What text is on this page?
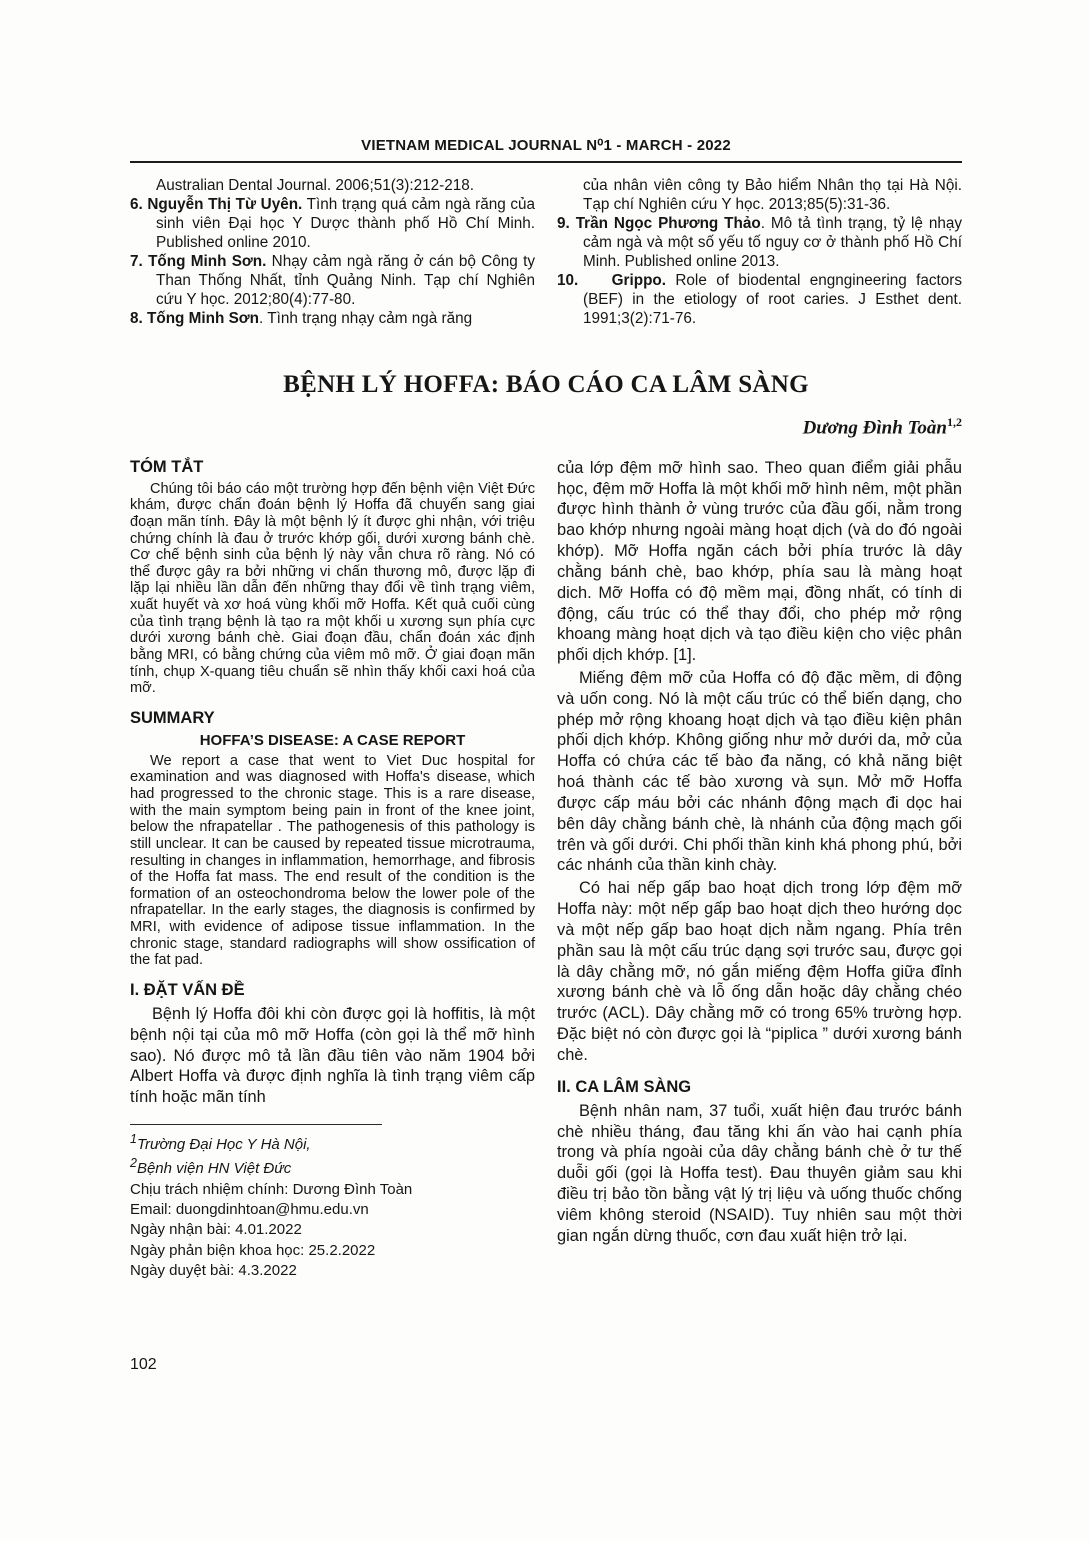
VIETNAM MEDICAL JOURNAL N⁰1 - MARCH - 2022

Australian Dental Journal. 2006;51(3):212-218.

6. Nguyễn Thị Từ Uyên. Tình trạng quá cảm ngà răng của sinh viên Đại học Y Dược thành phố Hồ Chí Minh. Published online 2010.

7. Tống Minh Sơn. Nhạy cảm ngà răng ở cán bộ Công ty Than Thống Nhất, tỉnh Quảng Ninh. Tạp chí Nghiên cứu Y học. 2012;80(4):77-80.

8. Tống Minh Sơn. Tình trạng nhạy cảm ngà răng

của nhân viên công ty Bảo hiểm Nhân thọ tại Hà Nội. Tạp chí Nghiên cứu Y học. 2013;85(5):31-36.

9. Trần Ngọc Phương Thảo. Mô tả tình trạng, tỷ lệ nhạy cảm ngà và một số yếu tố nguy cơ ở thành phố Hồ Chí Minh. Published online 2013.

10. Grippo. Role of biodental engngineering factors (BEF) in the etiology of root caries. J Esthet dent. 1991;3(2):71-76.

BỆNH LÝ HOFFA: BÁO CÁO CA LÂM SÀNG
Dương Đình Toàn$^{1,2}$
TÓM TẮT

Chúng tôi báo cáo một trường hợp đến bệnh viện Việt Đức khám, được chẩn đoán bệnh lý Hoffa đã chuyển sang giai đoạn mãn tính. Đây là một bệnh lý ít được ghi nhận, với triệu chứng chính là đau ở trước khớp gối, dưới xương bánh chè. Cơ chế bệnh sinh của bệnh lý này vẫn chưa rõ ràng. Nó có thể được gây ra bởi những vi chấn thương mô, được lặp đi lặp lại nhiều lần dẫn đến những thay đổi về tình trạng viêm, xuất huyết và xơ hoá vùng khối mỡ Hoffa. Kết quả cuối cùng của tình trạng bệnh là tạo ra một khối u xương sụn phía cực dưới xương bánh chè. Giai đoạn đầu, chẩn đoán xác định bằng MRI, có bằng chứng của viêm mô mỡ. Ở giai đoạn mãn tính, chụp X-quang tiêu chuẩn sẽ nhìn thấy khối caxi hoá của mỡ.

SUMMARY
HOFFA’S DISEASE: A CASE REPORT

We report a case that went to Viet Duc hospital for examination and was diagnosed with Hoffa's disease, which had progressed to the chronic stage. This is a rare disease, with the main symptom being pain in front of the knee joint, below the nfrapatellar . The pathogenesis of this pathology is still unclear. It can be caused by repeated tissue microtrauma, resulting in changes in inflammation, hemorrhage, and fibrosis of the Hoffa fat mass. The end result of the condition is the formation of an osteochondroma below the lower pole of the nfrapatellar. In the early stages, the diagnosis is confirmed by MRI, with evidence of adipose tissue inflammation. In the chronic stage, standard radiographs will show ossification of the fat pad.

I. ĐẶT VẤN ĐỀ

Bệnh lý Hoffa đôi khi còn được gọi là hoffitis, là một bệnh nội tại của mô mỡ Hoffa (còn gọi là thể mỡ hình sao). Nó được mô tả lần đầu tiên vào năm 1904 bởi Albert Hoffa và được định nghĩa là tình trạng viêm cấp tính hoặc mãn tính

$^1$Trường Đại Học Y Hà Nội,
$^2$Bệnh viện HN Việt Đức
Chịu trách nhiệm chính: Dương Đình Toàn
Email: duongdinhtoan@hmu.edu.vn
Ngày nhận bài: 4.01.2022
Ngày phản biện khoa học: 25.2.2022
Ngày duyệt bài: 4.3.2022

của lớp đệm mỡ hình sao. Theo quan điểm giải phẫu học, đệm mỡ Hoffa là một khối mỡ hình nêm, một phần được hình thành ở vùng trước của đầu gối, nằm trong bao khớp nhưng ngoài màng hoạt dịch (và do đó ngoài khớp). Mỡ Hoffa ngăn cách bởi phía trước là dây chằng bánh chè, bao khớp, phía sau là màng hoạt dich. Mỡ Hoffa có độ mềm mại, đồng nhất, có tính di động, cấu trúc có thể thay đổi, cho phép mở rộng khoang màng hoạt dịch và tạo điều kiện cho việc phân phối dịch khớp. [1].

Miếng đệm mỡ của Hoffa có độ đặc mềm, di động và uốn cong. Nó là một cấu trúc có thể biến dạng, cho phép mở rộng khoang hoạt dịch và tạo điều kiện phân phối dịch khớp. Không giống như mở dưới da, mở của Hoffa có chứa các tế bào đa năng, có khả năng biệt hoá thành các tế bào xương và sụn. Mở mỡ Hoffa được cấp máu bởi các nhánh động mạch đi dọc hai bên dây chằng bánh chè, là nhánh của động mạch gối trên và gối dưới. Chi phối thần kinh khá phong phú, bởi các nhánh của thần kinh chày.

Có hai nếp gấp bao hoạt dịch trong lớp đệm mỡ Hoffa này: một nếp gấp bao hoạt dịch theo hướng dọc và một nếp gấp bao hoạt dịch nằm ngang. Phía trên phần sau là một cấu trúc dạng sợi trước sau, được gọi là dây chằng mỡ, nó gắn miếng đệm Hoffa giữa đỉnh xương bánh chè và lỗ ống dẫn hoặc dây chằng chéo trước (ACL). Dây chằng mỡ có trong 65% trường hợp. Đặc biệt nó còn được gọi là “piplica ” dưới xương bánh chè.

II. CA LÂM SÀNG

Bệnh nhân nam, 37 tuổi, xuất hiện đau trước bánh chè nhiều tháng, đau tăng khi ấn vào hai cạnh phía trong và phía ngoài của dây chằng bánh chè ở tư thế duỗi gối (gọi là Hoffa test). Đau thuyên giảm sau khi điều trị bảo tồn bằng vật lý trị liệu và uống thuốc chống viêm không steroid (NSAID). Tuy nhiên sau một thời gian ngắn dừng thuốc, cơn đau xuất hiện trở lại.

102
